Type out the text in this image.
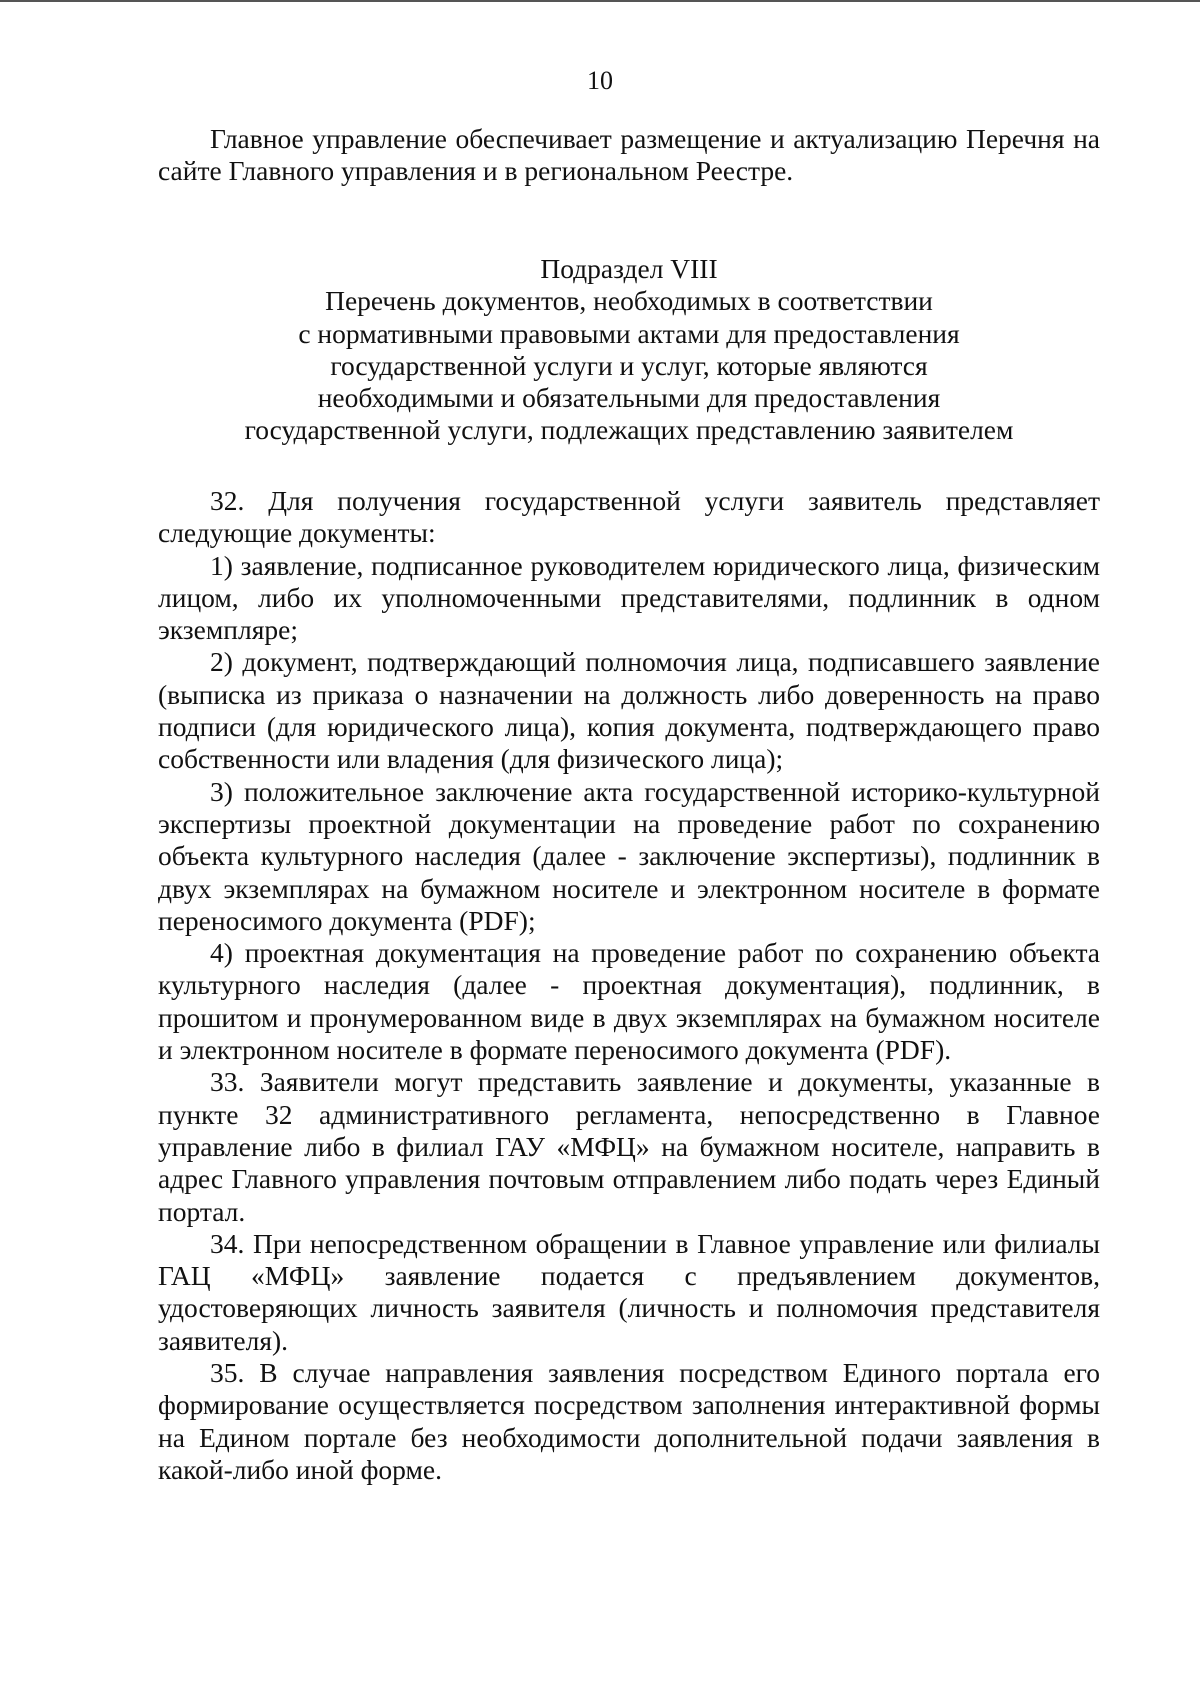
10

Главное управление обеспечивает размещение и актуализацию Перечня на сайте Главного управления и в региональном Реестре.

Подраздел VIII
Перечень документов, необходимых в соответствии
с нормативными правовыми актами для предоставления
государственной услуги и услуг, которые являются
необходимыми и обязательными для предоставления
государственной услуги, подлежащих представлению заявителем

32. Для получения государственной услуги заявитель представляет следующие документы:

1) заявление, подписанное руководителем юридического лица, физическим лицом, либо их уполномоченными представителями, подлинник в одном экземпляре;

2) документ, подтверждающий полномочия лица, подписавшего заявление (выписка из приказа о назначении на должность либо доверенность на право подписи (для юридического лица), копия документа, подтверждающего право собственности или владения (для физического лица);

3) положительное заключение акта государственной историко-культурной экспертизы проектной документации на проведение работ по сохранению объекта культурного наследия (далее - заключение экспертизы), подлинник в двух экземплярах на бумажном носителе и электронном носителе в формате переносимого документа (PDF);

4) проектная документация на проведение работ по сохранению объекта культурного наследия (далее - проектная документация), подлинник, в прошитом и пронумерованном виде в двух экземплярах на бумажном носителе и электронном носителе в формате переносимого документа (PDF).

33. Заявители могут представить заявление и документы, указанные в пункте 32 административного регламента, непосредственно в Главное управление либо в филиал ГАУ «МФЦ» на бумажном носителе, направить в адрес Главного управления почтовым отправлением либо подать через Единый портал.

34. При непосредственном обращении в Главное управление или филиалы ГАЦ «МФЦ» заявление подается с предъявлением документов, удостоверяющих личность заявителя (личность и полномочия представителя заявителя).

35. В случае направления заявления посредством Единого портала его формирование осуществляется посредством заполнения интерактивной формы на Едином портале без необходимости дополнительной подачи заявления в какой-либо иной форме.
